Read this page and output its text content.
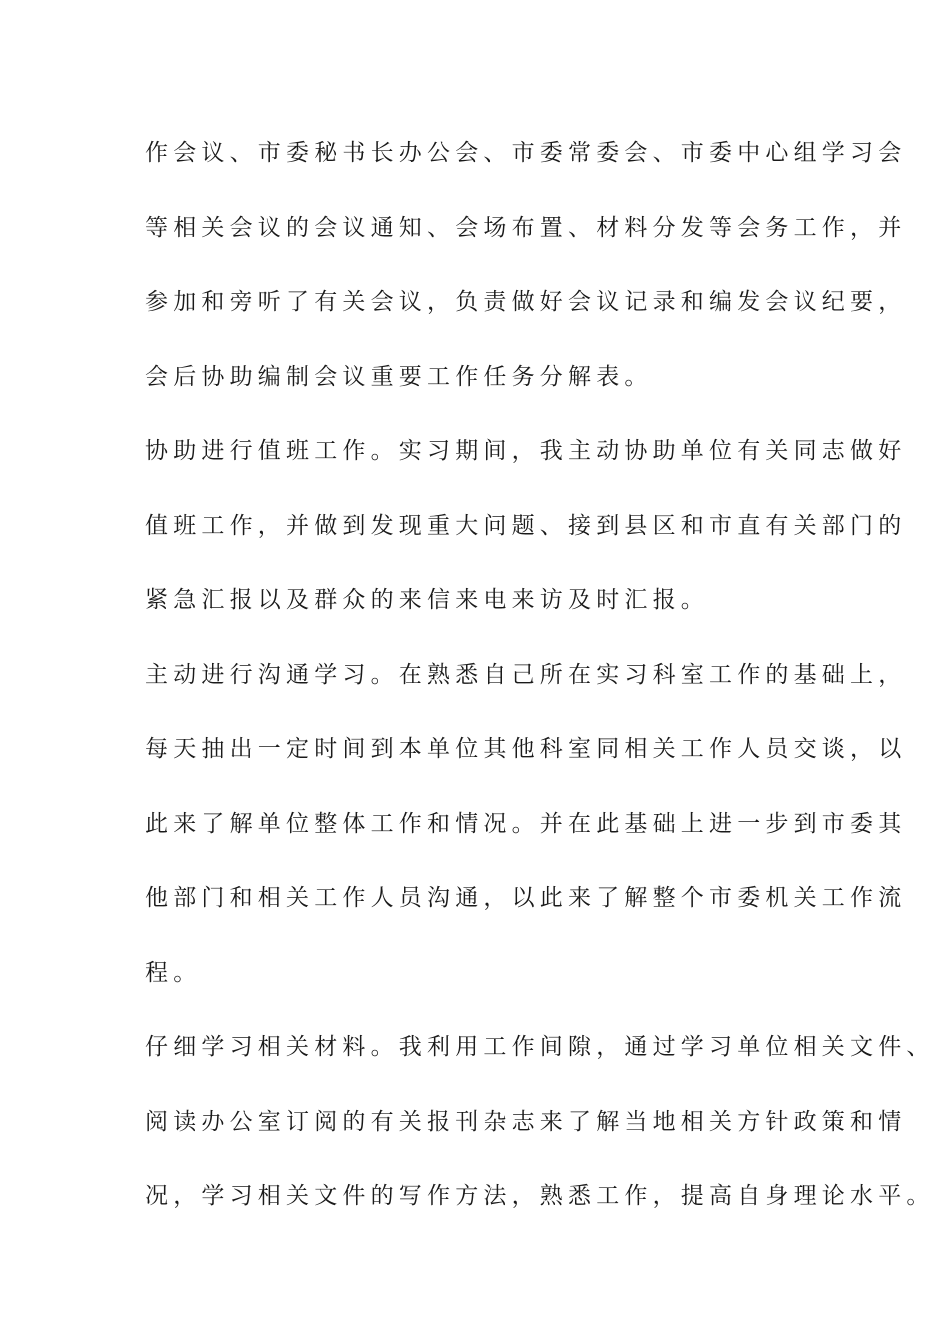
作会议、市委秘书长办公会、市委常委会、市委中心组学习会
等相关会议的会议通知、会场布置、材料分发等会务工作，并
参加和旁听了有关会议，负责做好会议记录和编发会议纪要，
会后协助编制会议重要工作任务分解表。
协助进行值班工作。实习期间，我主动协助单位有关同志做好
值班工作，并做到发现重大问题、接到县区和市直有关部门的
紧急汇报以及群众的来信来电来访及时汇报。
主动进行沟通学习。在熟悉自己所在实习科室工作的基础上，
每天抽出一定时间到本单位其他科室同相关工作人员交谈，以
此来了解单位整体工作和情况。并在此基础上进一步到市委其
他部门和相关工作人员沟通，以此来了解整个市委机关工作流
程。
仔细学习相关材料。我利用工作间隙，通过学习单位相关文件、
阅读办公室订阅的有关报刊杂志来了解当地相关方针政策和情
况，学习相关文件的写作方法，熟悉工作，提高自身理论水平。
